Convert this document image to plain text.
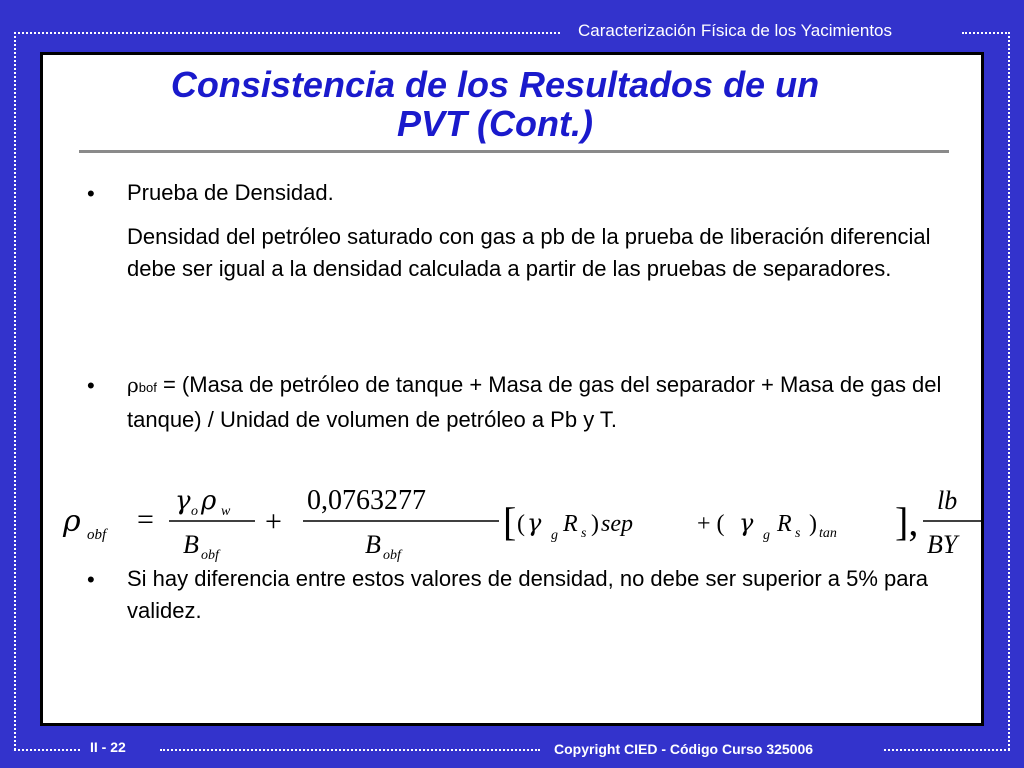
Caracterización Física de los Yacimientos
Consistencia de los Resultados de un
PVT (Cont.)
• Prueba de Densidad.
Densidad del petróleo saturado con gas a pb de la prueba de liberación diferencial debe ser igual a la densidad calculada a partir de las pruebas de separadores.
• ρbof = (Masa de petróleo de tanque + Masa de gas del separador + Masa de gas del tanque) / Unidad de volumen de petróleo a Pb y T.
ρ obf =
γ o ρ w
B obf
+
0,0763277
B obf
[ ( γ g R s ) sep	+ ( γ g R s ) tan ], lb
BY
• Si hay diferencia entre estos valores de densidad, no debe ser superior a 5% para validez.
II - 22	Copyright CIED - Código Curso 325006
